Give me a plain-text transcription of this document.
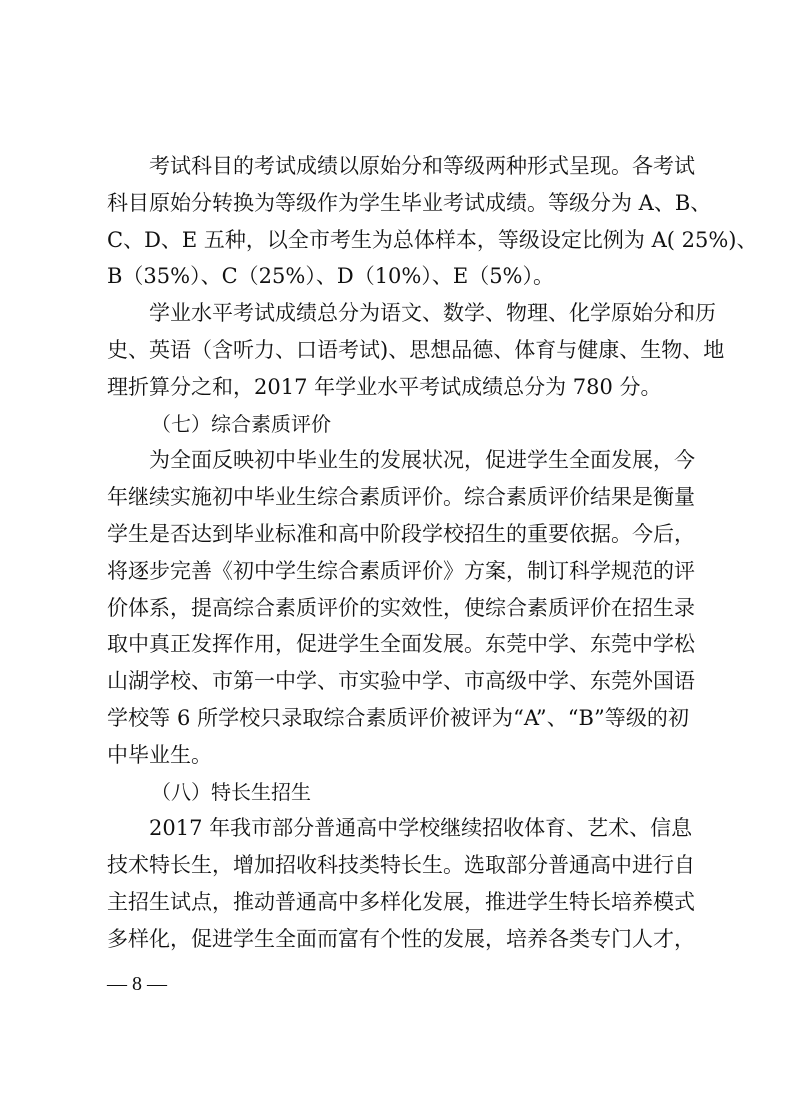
考试科目的考试成绩以原始分和等级两种形式呈现。各考试
科目原始分转换为等级作为学生毕业考试成绩。等级分为 A、B、
C、D、E 五种，以全市考生为总体样本，等级设定比例为 A( 25%)、
B（35%）、C（25%）、D（10%）、E（5%）。
学业水平考试成绩总分为语文、数学、物理、化学原始分和历
史、英语（含听力、口语考试)、思想品德、体育与健康、生物、地
理折算分之和，2017 年学业水平考试成绩总分为 780 分。
（七）综合素质评价
为全面反映初中毕业生的发展状况，促进学生全面发展，今
年继续实施初中毕业生综合素质评价。综合素质评价结果是衡量
学生是否达到毕业标准和高中阶段学校招生的重要依据。今后，
将逐步完善《初中学生综合素质评价》方案，制订科学规范的评
价体系，提高综合素质评价的实效性，使综合素质评价在招生录
取中真正发挥作用，促进学生全面发展。东莞中学、东莞中学松
山湖学校、市第一中学、市实验中学、市高级中学、东莞外国语
学校等 6 所学校只录取综合素质评价被评为“A”、“B”等级的初
中毕业生。
（八）特长生招生
2017 年我市部分普通高中学校继续招收体育、艺术、信息
技术特长生，增加招收科技类特长生。选取部分普通高中进行自
主招生试点，推动普通高中多样化发展，推进学生特长培养模式
多样化，促进学生全面而富有个性的发展，培养各类专门人才，
— 8 —
